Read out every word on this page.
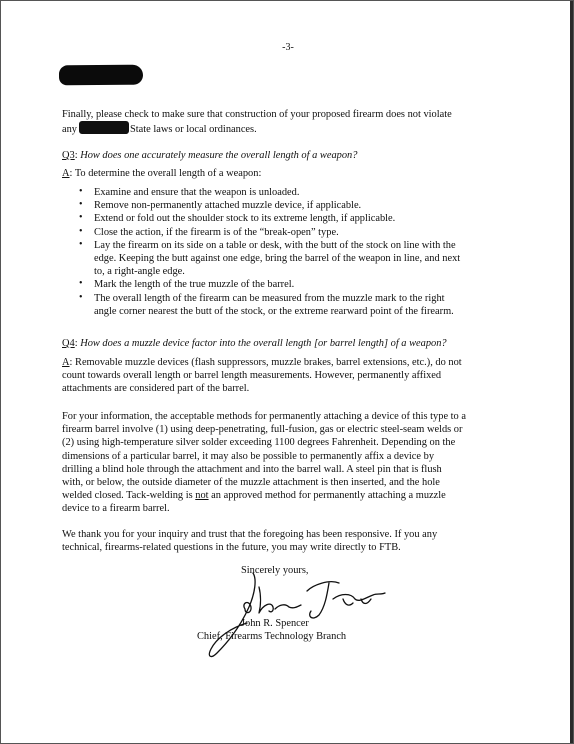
-3-
Finally, please check to make sure that construction of your proposed firearm does not violate
any	State laws or local ordinances.
Q3: How does one accurately measure the overall length of a weapon?
A: To determine the overall length of a weapon:
• Examine and ensure that the weapon is unloaded.
• Remove non-permanently attached muzzle device, if applicable.
• Extend or fold out the shoulder stock to its extreme length, if applicable.
• Close the action, if the firearm is of the “break-open” type.
• Lay the firearm on its side on a table or desk, with the butt of the stock on line with the
edge. Keeping the butt against one edge, bring the barrel of the weapon in line, and next
to, a right-angle edge.
• Mark the length of the true muzzle of the barrel.
• The overall length of the firearm can be measured from the muzzle mark to the right
angle corner nearest the butt of the stock, or the extreme rearward point of the firearm.
Q4: How does a muzzle device factor into the overall length [or barrel length] of a weapon?
A: Removable muzzle devices (flash suppressors, muzzle brakes, barrel extensions, etc.), do not
count towards overall length or barrel length measurements. However, permanently affixed
attachments are considered part of the barrel.
For your information, the acceptable methods for permanently attaching a device of this type to a
firearm barrel involve (1) using deep-penetrating, full-fusion, gas or electric steel-seam welds or
(2) using high-temperature silver solder exceeding 1100 degrees Fahrenheit. Depending on the
dimensions of a particular barrel, it may also be possible to permanently affix a device by
drilling a blind hole through the attachment and into the barrel wall. A steel pin that is flush
with, or below, the outside diameter of the muzzle attachment is then inserted, and the hole
welded closed. Tack-welding is not an approved method for permanently attaching a muzzle
device to a firearm barrel.
We thank you for your inquiry and trust that the foregoing has been responsive. If you any
technical, firearms-related questions in the future, you may write directly to FTB.
Sincerely yours,
John R. Spencer
Chief, Firearms Technology Branch
